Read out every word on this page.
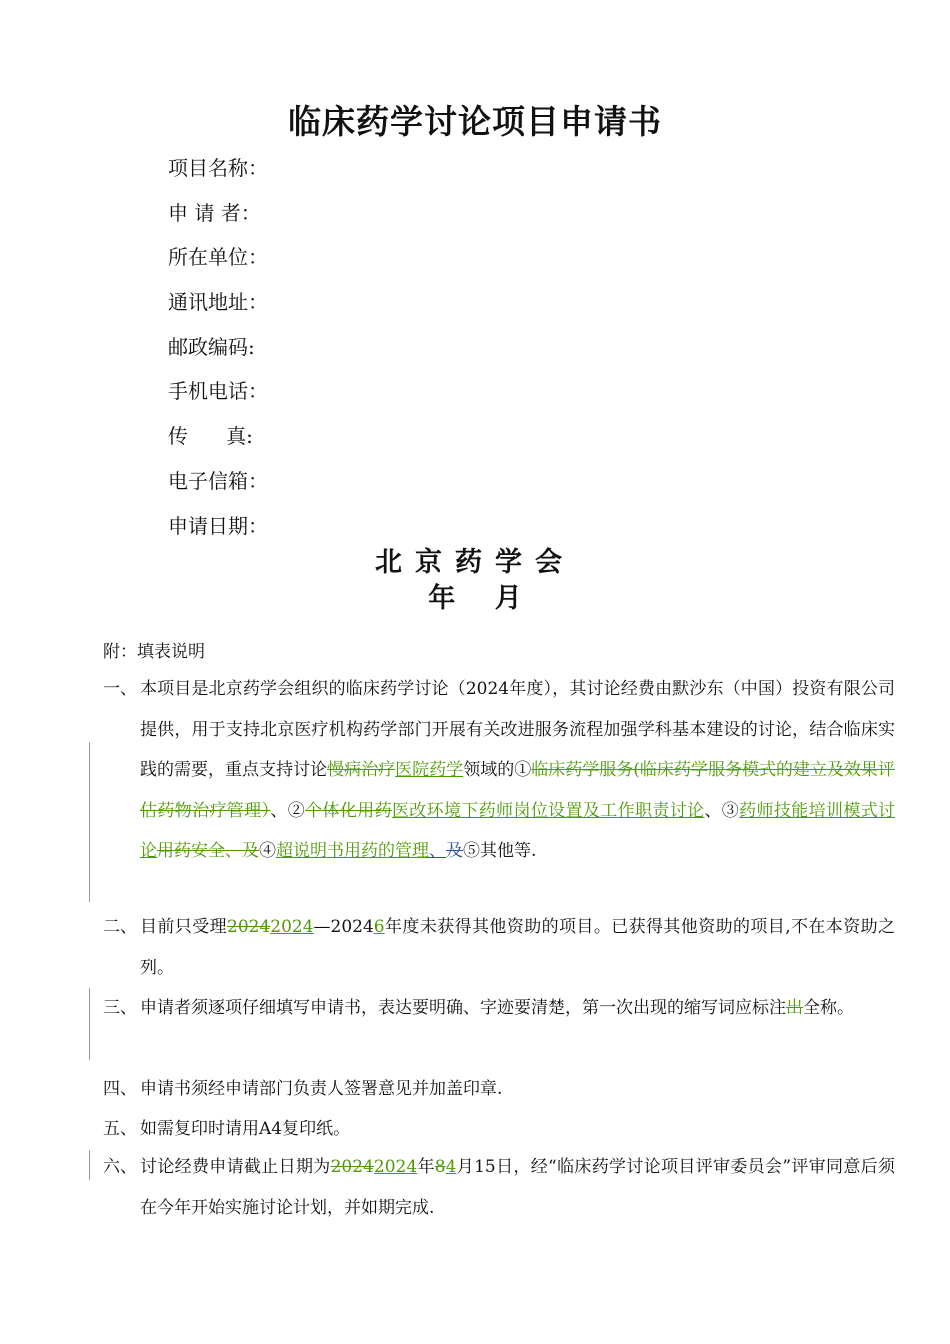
临床药学讨论项目申请书
项目名称：
申 请 者：
所在单位：
通讯地址：
邮政编码:
手机电话：
传      真:
电子信箱：
申请日期：
北京药学会
年 月
附：填表说明
一、 本项目是北京药学会组织的临床药学讨论（2024年度），其讨论经费由默沙东（中国）投资有限公司提供，用于支持北京医疗机构药学部门开展有关改进服务流程加强学科基本建设的讨论，结合临床实践的需要，重点支持讨论慢病治疗医院药学领域的①临床药学服务(临床药学服务模式的建立及效果评估药物治疗管理）、②个体化用药医改环境下药师岗位设置及工作职责讨论、③药师技能培训模式讨论用药安全、及④超说明书用药的管理、及⑤其他等.
二、 目前只受理20242024—20246年度未获得其他资助的项目。已获得其他资助的项目,不在本资助之列。
三、 申请者须逐项仔细填写申请书，表达要明确、字迹要清楚，第一次出现的缩写词应标注出全称。
四、 申请书须经申请部门负责人签署意见并加盖印章.
五、 如需复印时请用A4复印纸。
六、 讨论经费申请截止日期为20242024年84月15日，经“临床药学讨论项目评审委员会”评审同意后须在今年开始实施讨论计划，并如期完成.
